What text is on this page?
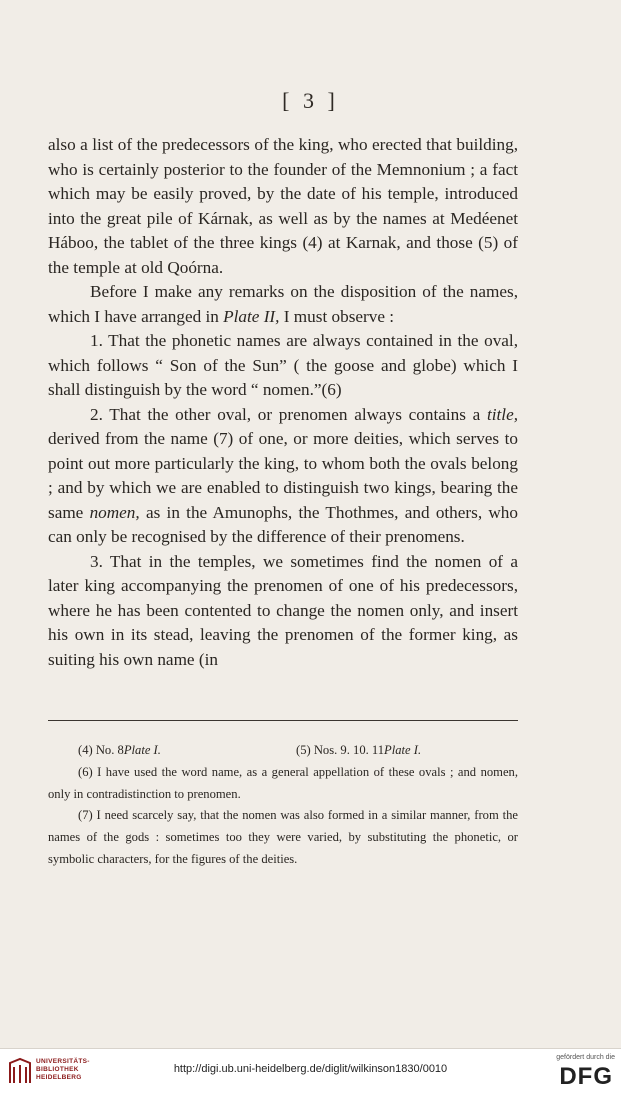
[ 3 ]

also a list of the predecessors of the king, who erected that building, who is certainly posterior to the founder of the Memnonium ; a fact which may be easily proved, by the date of his temple, introduced into the great pile of Kárnak, as well as by the names at Medéenet Háboo, the tablet of the three kings (4) at Karnak, and those (5) of the temple at old Qoórna.

Before I make any remarks on the disposition of the names, which I have arranged in Plate II, I must observe :

1. That the phonetic names are always contained in the oval, which follows “ Son of the Sun” ( the goose and globe) which I shall distinguish by the word “ nomen.”(6)

2. That the other oval, or prenomen always contains a title, derived from the name (7) of one, or more deities, which serves to point out more particularly the king, to whom both the ovals belong ; and by which we are enabled to distinguish two kings, bearing the same nomen, as in the Amunophs, the Thothmes, and others, who can only be recognised by the difference of their prenomens.

3. That in the temples, we sometimes find the nomen of a later king accompanying the prenomen of one of his predecessors, where he has been contented to change the nomen only, and insert his own in its stead, leaving the prenomen of the former king, as suiting his own name (in

(4) No. 8Plate I.	(5) Nos. 9. 10. 11Plate I.

(6) I have used the word name, as a general appellation of these ovals ; and nomen, only in contradistinction to prenomen.

(7) I need scarcely say, that the nomen was also formed in a similar manner, from the names of the gods : sometimes too they were varied, by substituting the phonetic, or symbolic characters, for the figures of the deities.

UNIVERSITÄTS-
BIBLIOTHEK
HEIDELBERG
http://digi.ub.uni-heidelberg.de/diglit/wilkinson1830/0010
gefördert durch die
DFG
